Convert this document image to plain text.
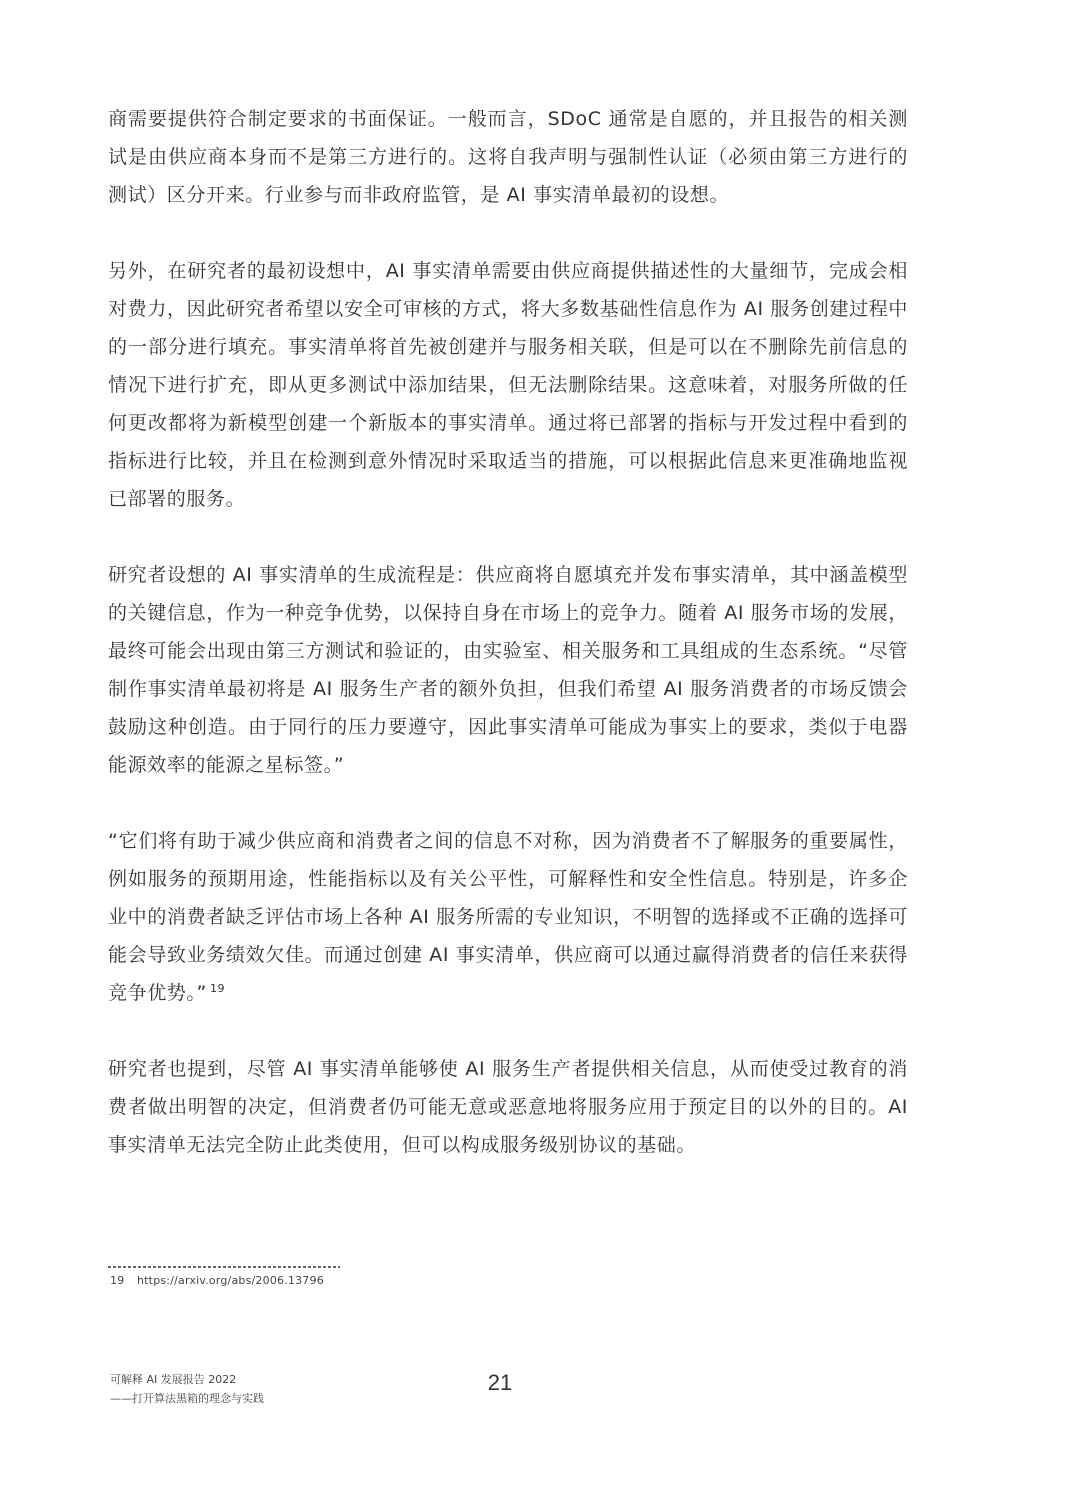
商需要提供符合制定要求的书面保证。一般而言，SDoC 通常是自愿的，并且报告的相关测试是由供应商本身而不是第三方进行的。这将自我声明与强制性认证（必须由第三方进行的测试）区分开来。行业参与而非政府监管，是 AI 事实清单最初的设想。

另外，在研究者的最初设想中，AI 事实清单需要由供应商提供描述性的大量细节，完成会相对费力，因此研究者希望以安全可审核的方式，将大多数基础性信息作为 AI 服务创建过程中的一部分进行填充。事实清单将首先被创建并与服务相关联，但是可以在不删除先前信息的情况下进行扩充，即从更多测试中添加结果，但无法删除结果。这意味着，对服务所做的任何更改都将为新模型创建一个新版本的事实清单。通过将已部署的指标与开发过程中看到的指标进行比较，并且在检测到意外情况时采取适当的措施，可以根据此信息来更准确地监视已部署的服务。

研究者设想的 AI 事实清单的生成流程是：供应商将自愿填充并发布事实清单，其中涵盖模型的关键信息，作为一种竞争优势，以保持自身在市场上的竞争力。随着 AI 服务市场的发展，最终可能会出现由第三方测试和验证的，由实验室、相关服务和工具组成的生态系统。“尽管制作事实清单最初将是 AI 服务生产者的额外负担，但我们希望 AI 服务消费者的市场反馈会鼓励这种创造。由于同行的压力要遵守，因此事实清单可能成为事实上的要求，类似于电器能源效率的能源之星标签。”

“它们将有助于减少供应商和消费者之间的信息不对称，因为消费者不了解服务的重要属性，例如服务的预期用途，性能指标以及有关公平性，可解释性和安全性信息。特别是，许多企业中的消费者缺乏评估市场上各种 AI 服务所需的专业知识，不明智的选择或不正确的选择可能会导致业务绩效欠佳。而通过创建 AI 事实清单，供应商可以通过赢得消费者的信任来获得竞争优势。” $^{19}$

研究者也提到，尽管 AI 事实清单能够使 AI 服务生产者提供相关信息，从而使受过教育的消费者做出明智的决定，但消费者仍可能无意或恶意地将服务应用于预定目的以外的目的。AI 事实清单无法完全防止此类使用，但可以构成服务级别协议的基础。

19 https://arxiv.org/abs/2006.13796
可解释 AI 发展报告 2022
——打开算法黑箱的理念与实践
21
